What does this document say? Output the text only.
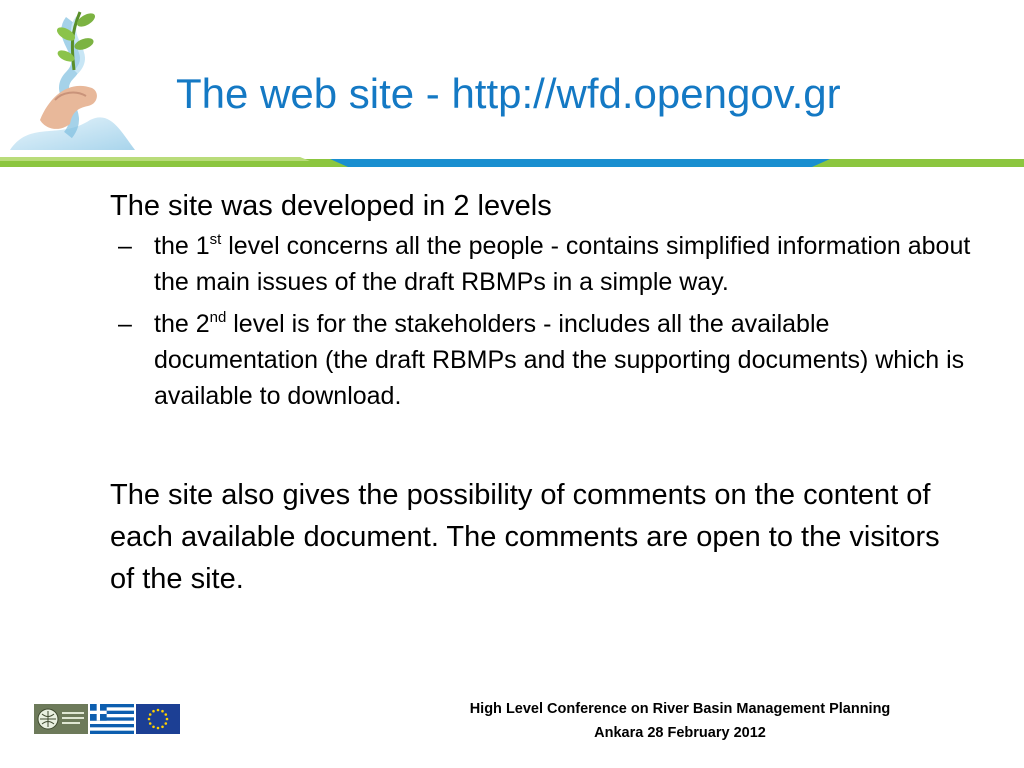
The web site - http://wfd.opengov.gr

The site was developed in 2 levels

– the 1st level concerns all the people - contains simplified information about the main issues of the draft RBMPs in a simple way.
– the 2nd level is for the stakeholders - includes all the available documentation (the draft RBMPs and the supporting documents) which is available to download.

The site also gives the possibility of comments on the content of each available document. The comments are open to the visitors of the site.

High Level Conference on River Basin Management Planning
Ankara 28 February 2012
